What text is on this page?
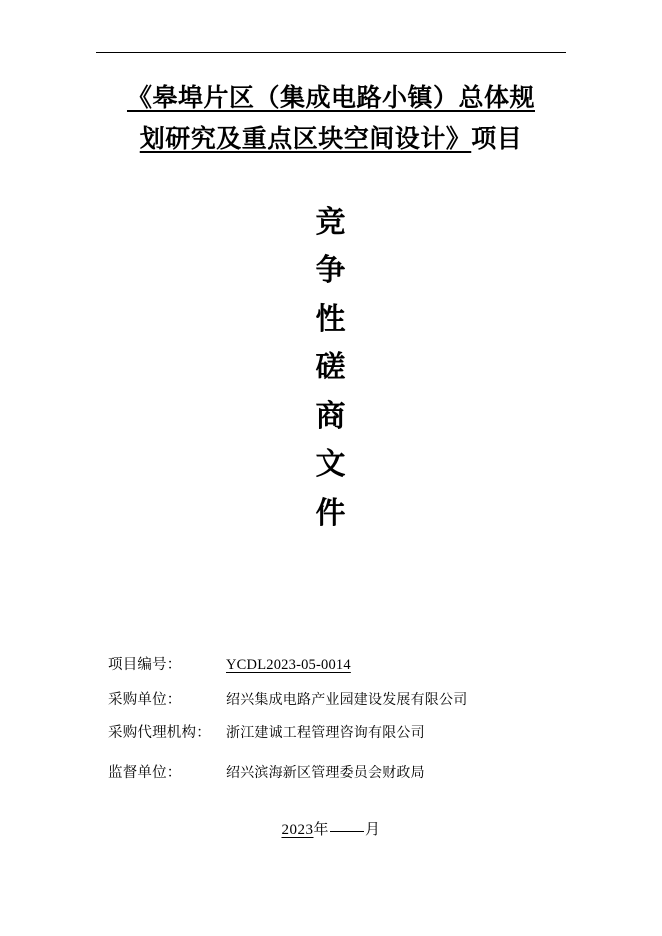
《皋埠片区（集成电路小镇）总体规
划研究及重点区块空间设计》项目
竞
争
性
磋
商
文
件
项目编号：	YCDL2023-05-0014
采购单位：	绍兴集成电路产业园建设发展有限公司
采购代理机构：	浙江建诚工程管理咨询有限公司
监督单位：	绍兴滨海新区管理委员会财政局
2023年 月
